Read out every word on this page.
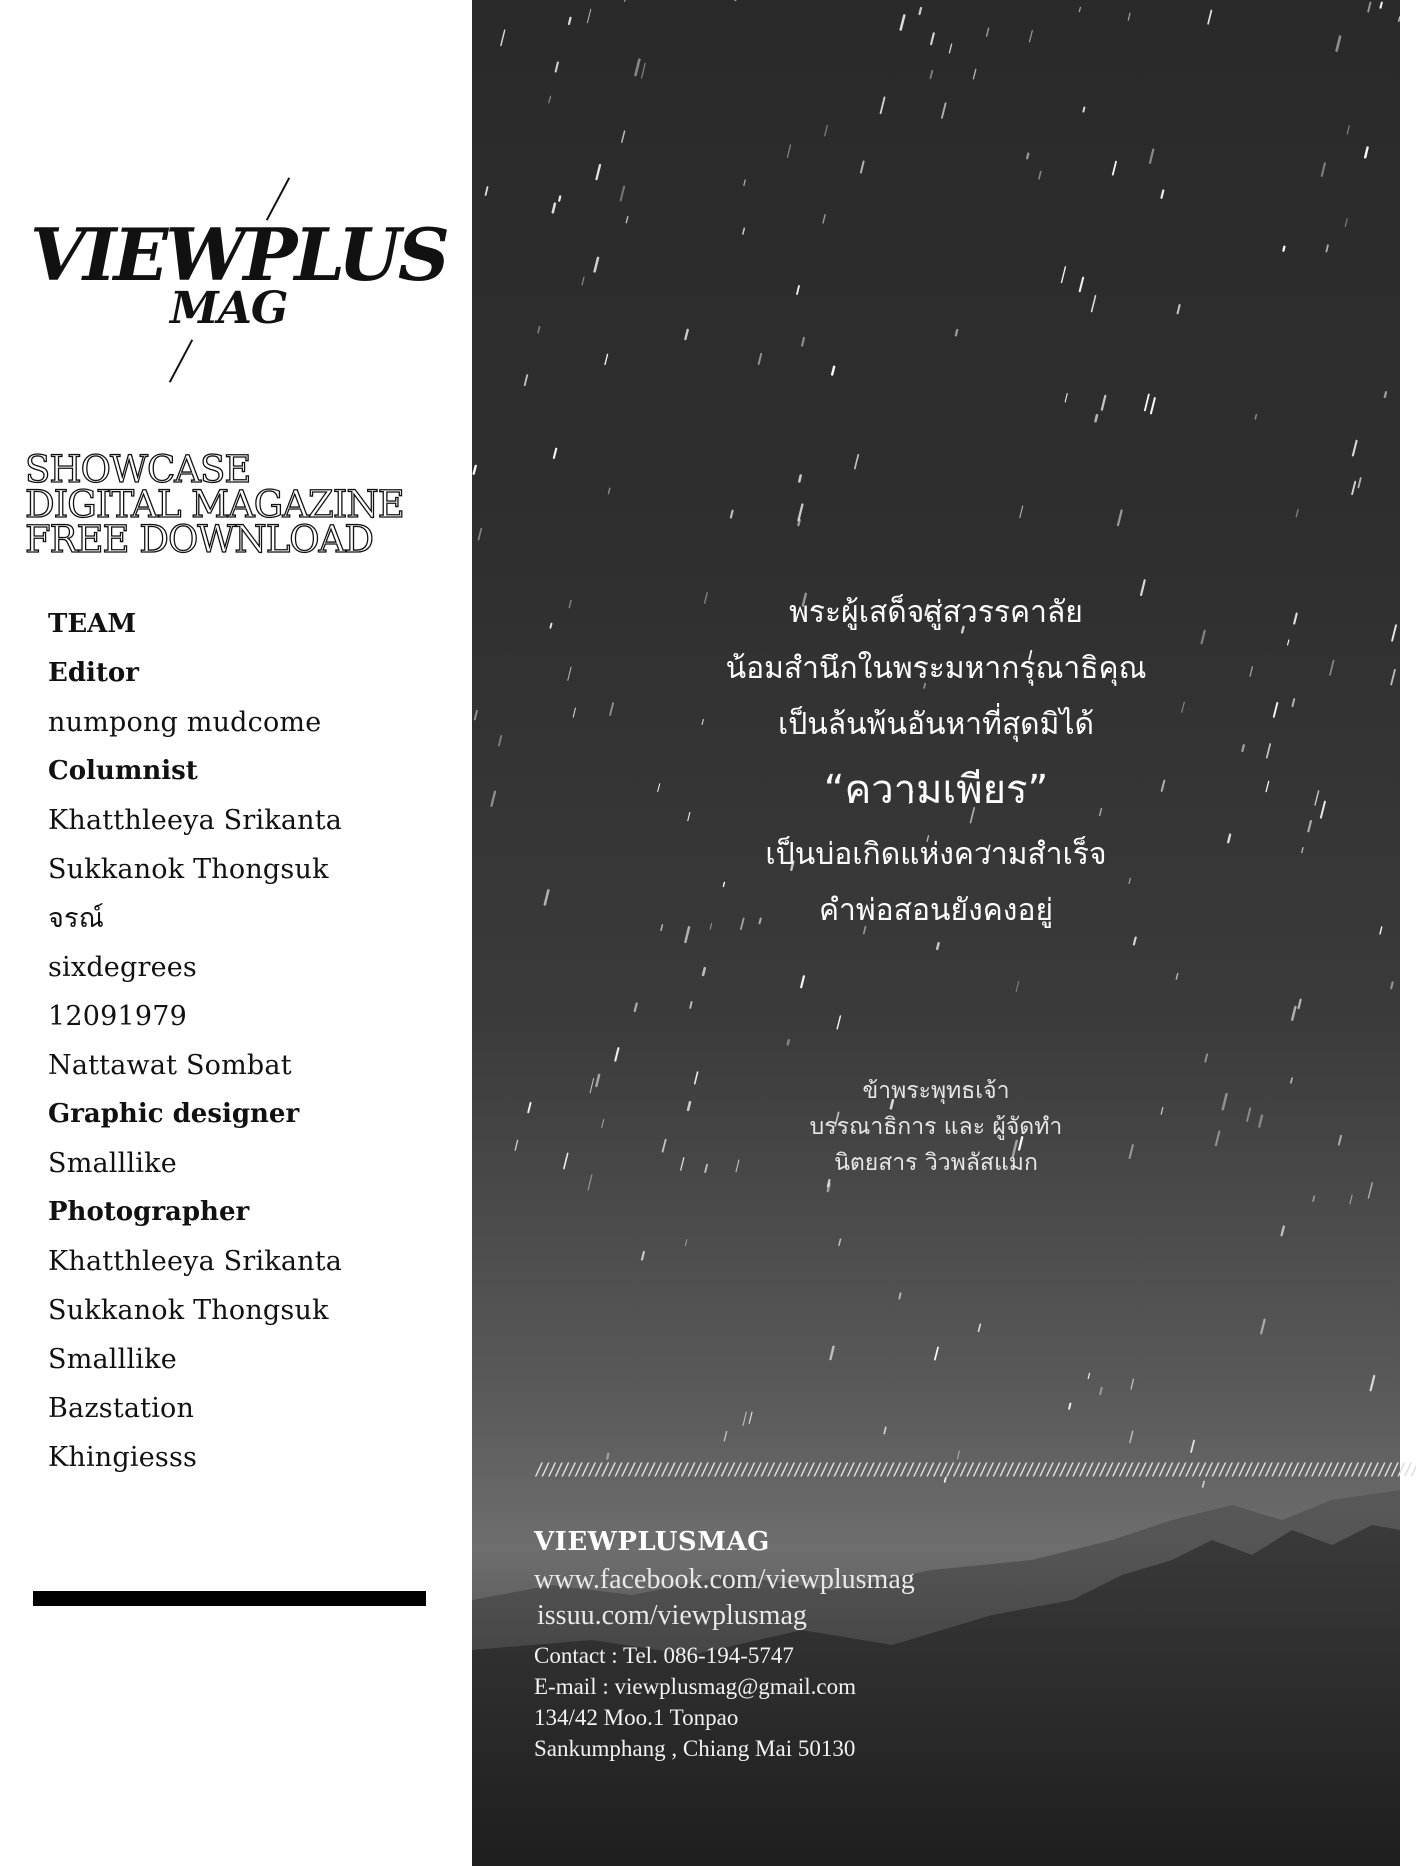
VIEWPLUS
MAG
SHOWCASE
DIGITAL MAGAZINE
FREE DOWNLOAD
TEAM
Editor
numpong mudcome
Columnist
Khatthleeya Srikanta
Sukkanok Thongsuk
จรณ์
sixdegrees
12091979
Nattawat Sombat
Graphic designer
Smalllike
Photographer
Khatthleeya Srikanta
Sukkanok Thongsuk
Smalllike
Bazstation
Khingiesss
พระผู้เสด็จสู่สวรรคาลัย
น้อมสำนึกในพระมหากรุณาธิคุณ
เป็นล้นพ้นอันหาที่สุดมิได้
“ความเพียร”
เป็นบ่อเกิดแห่งความสำเร็จ
คำพ่อสอนยังคงอยู่
ข้าพระพุทธเจ้า
บรรณาธิการ และ ผู้จัดทำ
นิตยสาร วิวพลัสแมก
/////////////////////////////////////////////////////////////////////////////////////////////////////////////////////////////////////
VIEWPLUSMAG
www.facebook.com/viewplusmag
issuu.com/viewplusmag
Contact : Tel. 086-194-5747
E-mail : viewplusmag@gmail.com
134/42 Moo.1 Tonpao
Sankumphang , Chiang Mai 50130
